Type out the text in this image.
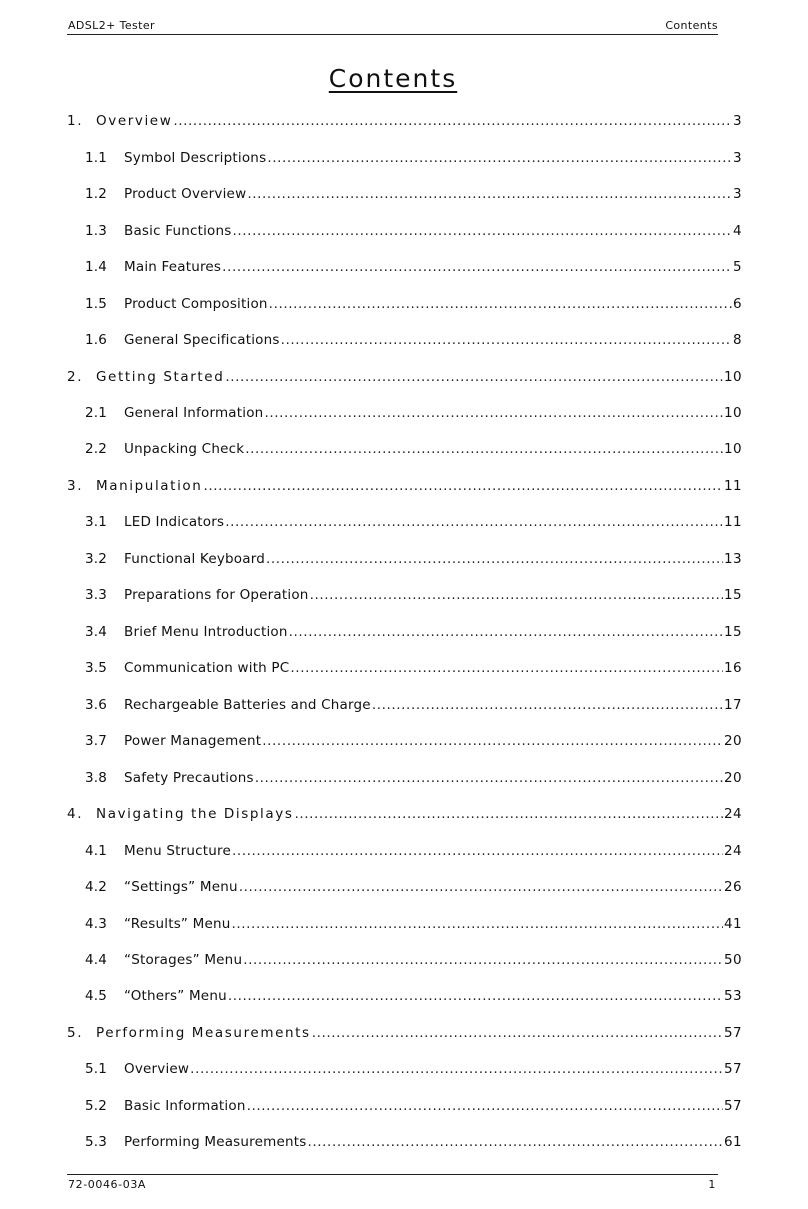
ADSL2+ Tester	Contents
Contents
1. Overview .....	3
1.1	Symbol Descriptions .....	3
1.2	Product Overview .....	3
1.3	Basic Functions .....	4
1.4	Main Features .....	5
1.5	Product Composition .....	6
1.6	General Specifications .....	8
2. Getting Started .....	10
2.1	General Information .....	10
2.2	Unpacking Check .....	10
3. Manipulation .....	11
3.1	LED Indicators .....	11
3.2	Functional Keyboard .....	13
3.3	Preparations for Operation .....	15
3.4	Brief Menu Introduction .....	15
3.5	Communication with PC .....	16
3.6	Rechargeable Batteries and Charge .....	17
3.7	Power Management .....	20
3.8	Safety Precautions .....	20
4. Navigating the Displays .....	24
4.1	Menu Structure .....	24
4.2	“Settings” Menu .....	26
4.3	“Results” Menu .....	41
4.4	“Storages” Menu .....	50
4.5	“Others” Menu .....	53
5. Performing Measurements .....	57
5.1	Overview .....	57
5.2	Basic Information .....	57
5.3	Performing Measurements .....	61
72-0046-03A	1
